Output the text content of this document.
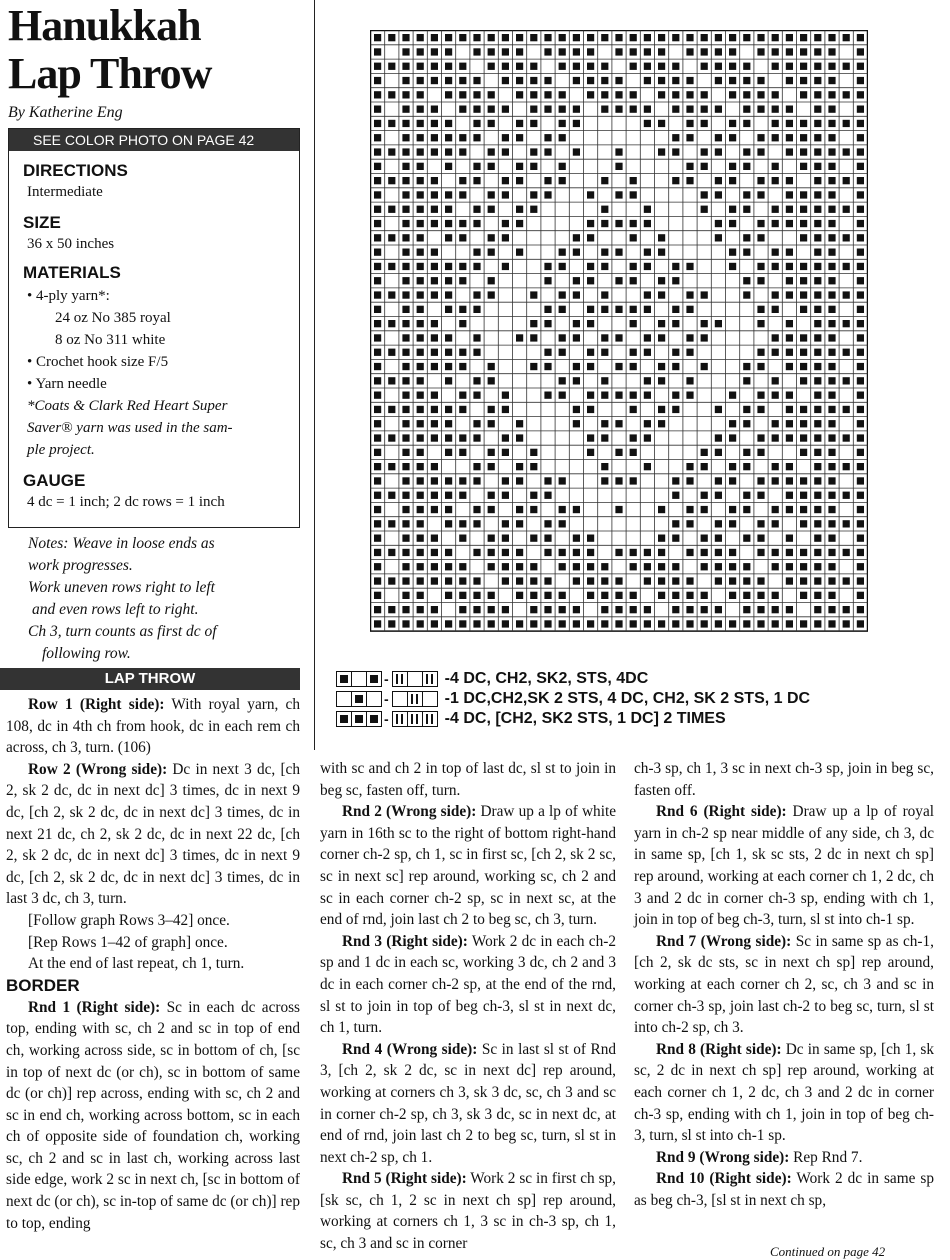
Hanukkah
Lap Throw
By Katherine Eng
SEE COLOR PHOTO ON PAGE 42
DIRECTIONS
Intermediate
SIZE
36 x 50 inches
MATERIALS
• 4-ply yarn*:
24 oz No 385 royal
8 oz No 311 white
• Crochet hook size F/5
• Yarn needle
*Coats & Clark Red Heart Super
Saver® yarn was used in the sam-
ple project.
GAUGE
4 dc = 1 inch; 2 dc rows = 1 inch
Notes: Weave in loose ends as
work progresses.
Work uneven rows right to left
and even rows left to right.
Ch 3, turn counts as first dc of
following row.
LAP THROW

Row 1 (Right side): With royal yarn, ch 108, dc in 4th ch from hook, dc in each rem ch across, ch 3, turn. (106)

Row 2 (Wrong side): Dc in next 3 dc, [ch 2, sk 2 dc, dc in next dc] 3 times, dc in next 9 dc, [ch 2, sk 2 dc, dc in next dc] 3 times, dc in next 21 dc, ch 2, sk 2 dc, dc in next 22 dc, [ch 2, sk 2 dc, dc in next dc] 3 times, dc in next 9 dc, [ch 2, sk 2 dc, dc in next dc] 3 times, dc in last 3 dc, ch 3, turn.

[Follow graph Rows 3–42] once.

[Rep Rows 1–42 of graph] once.

At the end of last repeat, ch 1, turn.

BORDER

Rnd 1 (Right side): Sc in each dc across top, ending with sc, ch 2 and sc in top of end ch, working across side, sc in bottom of ch, [sc in top of next dc (or ch), sc in bottom of same dc (or ch)] rep across, ending with sc, ch 2 and sc in end ch, working across bottom, sc in each ch of opposite side of foundation ch, working sc, ch 2 and sc in last ch, working across last side edge, work 2 sc in next ch, [sc in bottom of next dc (or ch), sc in-top of same dc (or ch)] rep to top, ending

-	-4 DC, CH2, SK2, STS, 4DC
-	-1 DC,CH2,SK 2 STS, 4 DC, CH2, SK 2 STS, 1 DC
-	-4 DC, [CH2, SK2 STS, 1 DC] 2 TIMES

with sc and ch 2 in top of last dc, sl st to join in beg sc, fasten off, turn.

Rnd 2 (Wrong side): Draw up a lp of white yarn in 16th sc to the right of bottom right-hand corner ch-2 sp, ch 1, sc in first sc, [ch 2, sk 2 sc, sc in next sc] rep around, working sc, ch 2 and sc in each corner ch-2 sp, sc in next sc, at the end of rnd, join last ch 2 to beg sc, ch 3, turn.

Rnd 3 (Right side): Work 2 dc in each ch-2 sp and 1 dc in each sc, working 3 dc, ch 2 and 3 dc in each corner ch-2 sp, at the end of the rnd, sl st to join in top of beg ch-3, sl st in next dc, ch 1, turn.

Rnd 4 (Wrong side): Sc in last sl st of Rnd 3, [ch 2, sk 2 dc, sc in next dc] rep around, working at corners ch 3, sk 3 dc, sc, ch 3 and sc in corner ch-2 sp, ch 3, sk 3 dc, sc in next dc, at end of rnd, join last ch 2 to beg sc, turn, sl st in next ch-2 sp, ch 1.

Rnd 5 (Right side): Work 2 sc in first ch sp, [sk sc, ch 1, 2 sc in next ch sp] rep around, working at corners ch 1, 3 sc in ch-3 sp, ch 1, sc, ch 3 and sc in corner

ch-3 sp, ch 1, 3 sc in next ch-3 sp, join in beg sc, fasten off.

Rnd 6 (Right side): Draw up a lp of royal yarn in ch-2 sp near middle of any side, ch 3, dc in same sp, [ch 1, sk sc sts, 2 dc in next ch sp] rep around, working at each corner ch 1, 2 dc, ch 3 and 2 dc in corner ch-3 sp, ending with ch 1, join in top of beg ch-3, turn, sl st into ch-1 sp.

Rnd 7 (Wrong side): Sc in same sp as ch-1, [ch 2, sk dc sts, sc in next ch sp] rep around, working at each corner ch 2, sc, ch 3 and sc in corner ch-3 sp, join last ch-2 to beg sc, turn, sl st into ch-2 sp, ch 3.

Rnd 8 (Right side): Dc in same sp, [ch 1, sk sc, 2 dc in next ch sp] rep around, working at each corner ch 1, 2 dc, ch 3 and 2 dc in corner ch-3 sp, ending with ch 1, join in top of beg ch-3, turn, sl st into ch-1 sp.

Rnd 9 (Wrong side): Rep Rnd 7.

Rnd 10 (Right side): Work 2 dc in same sp as beg ch-3, [sl st in next ch sp,

Continued on page 42
